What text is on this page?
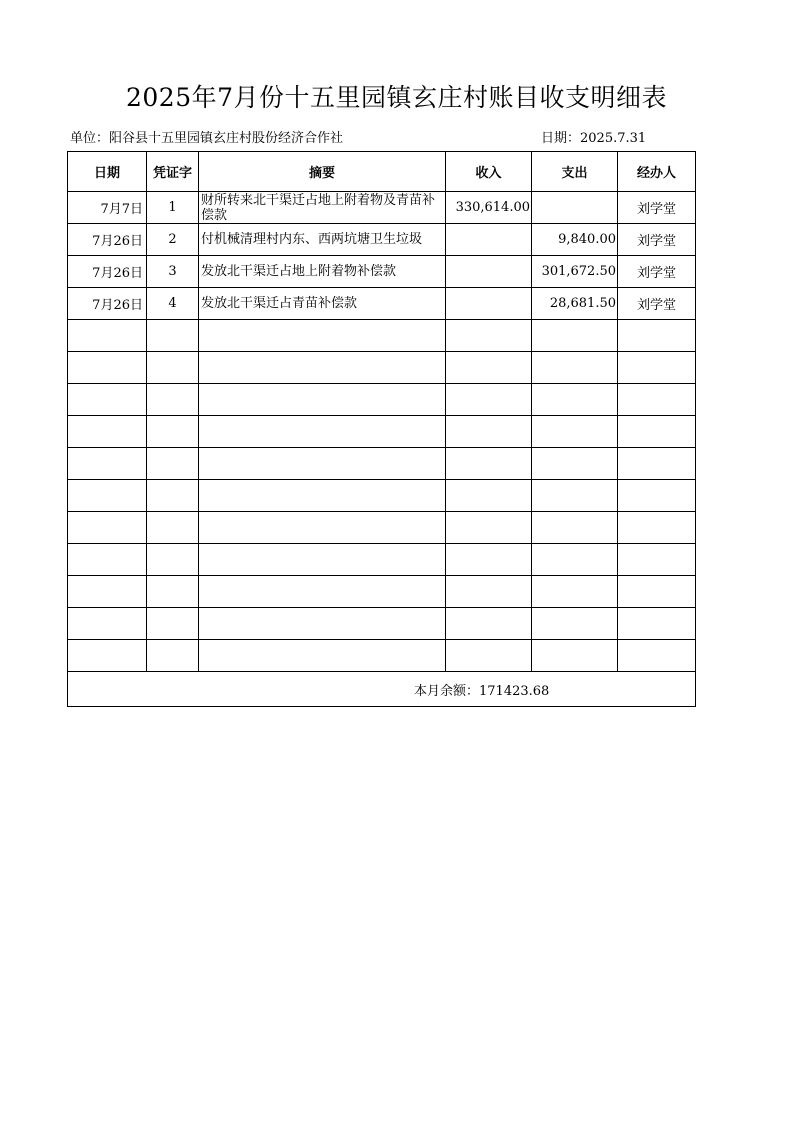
2025年7月份十五里园镇玄庄村账目收支明细表
单位：阳谷县十五里园镇玄庄村股份经济合作社	日期：2025.7.31
日期	凭证字	摘要	收入	支出	经办人
7月7日	1	财所转来北干渠迁占地上附着物及青苗补偿款	330,614.00		刘学堂
7月26日	2	付机械清理村内东、西两坑塘卫生垃圾		9,840.00	刘学堂
7月26日	3	发放北干渠迁占地上附着物补偿款		301,672.50	刘学堂
7月26日	4	发放北干渠迁占青苗补偿款		28,681.50	刘学堂

本月余额：171423.68					
